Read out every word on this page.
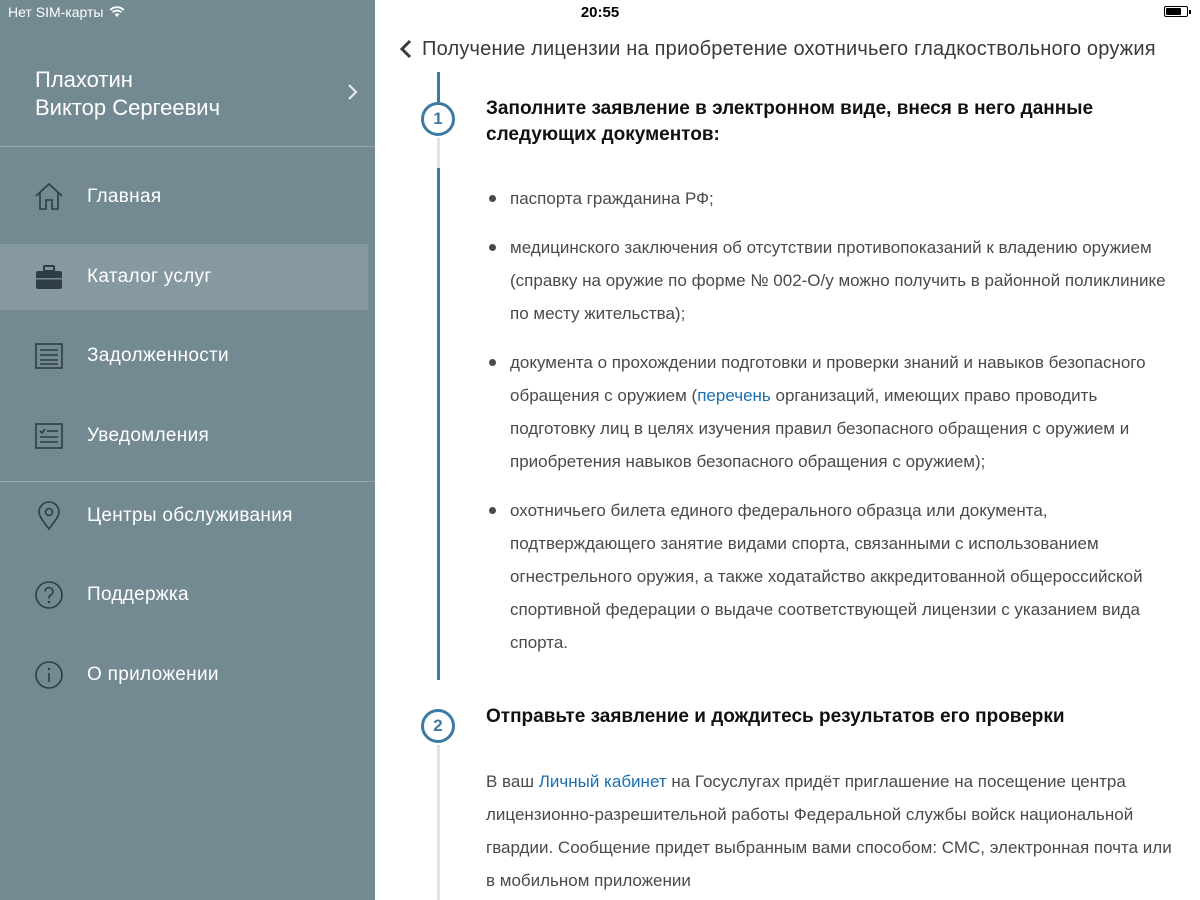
Нет SIM-карты	20:55
Плахотин
Виктор Сергеевич
Главная
Каталог услуг
Задолженности
Уведомления
Центры обслуживания
Поддержка
О приложении
Получение лицензии на приобретение охотничьего гладкоствольного оружия
1
2
Заполните заявление в электронном виде, внеся в него данные следующих документов:
паспорта гражданина РФ;
медицинского заключения об отсутствии противопоказаний к владению оружием (справку на оружие по форме № 002-О/у можно получить в районной поликлинике по месту жительства);
документа о прохождении подготовки и проверки знаний и навыков безопасного обращения с оружием (перечень организаций, имеющих право проводить подготовку лиц в целях изучения правил безопасного обращения с оружием и приобретения навыков безопасного обращения с оружием);
охотничьего билета единого федерального образца или документа, подтверждающего занятие видами спорта, связанными с использованием огнестрельного оружия, а также ходатайство аккредитованной общероссийской спортивной федерации о выдаче соответствующей лицензии с указанием вида спорта.
Отправьте заявление и дождитесь результатов его проверки

В ваш Личный кабинет на Госуслугах придёт приглашение на посещение центра лицензионно-разрешительной работы Федеральной службы войск национальной гвардии. Сообщение придет выбранным вами способом: СМС, электронная почта или в мобильном приложении
